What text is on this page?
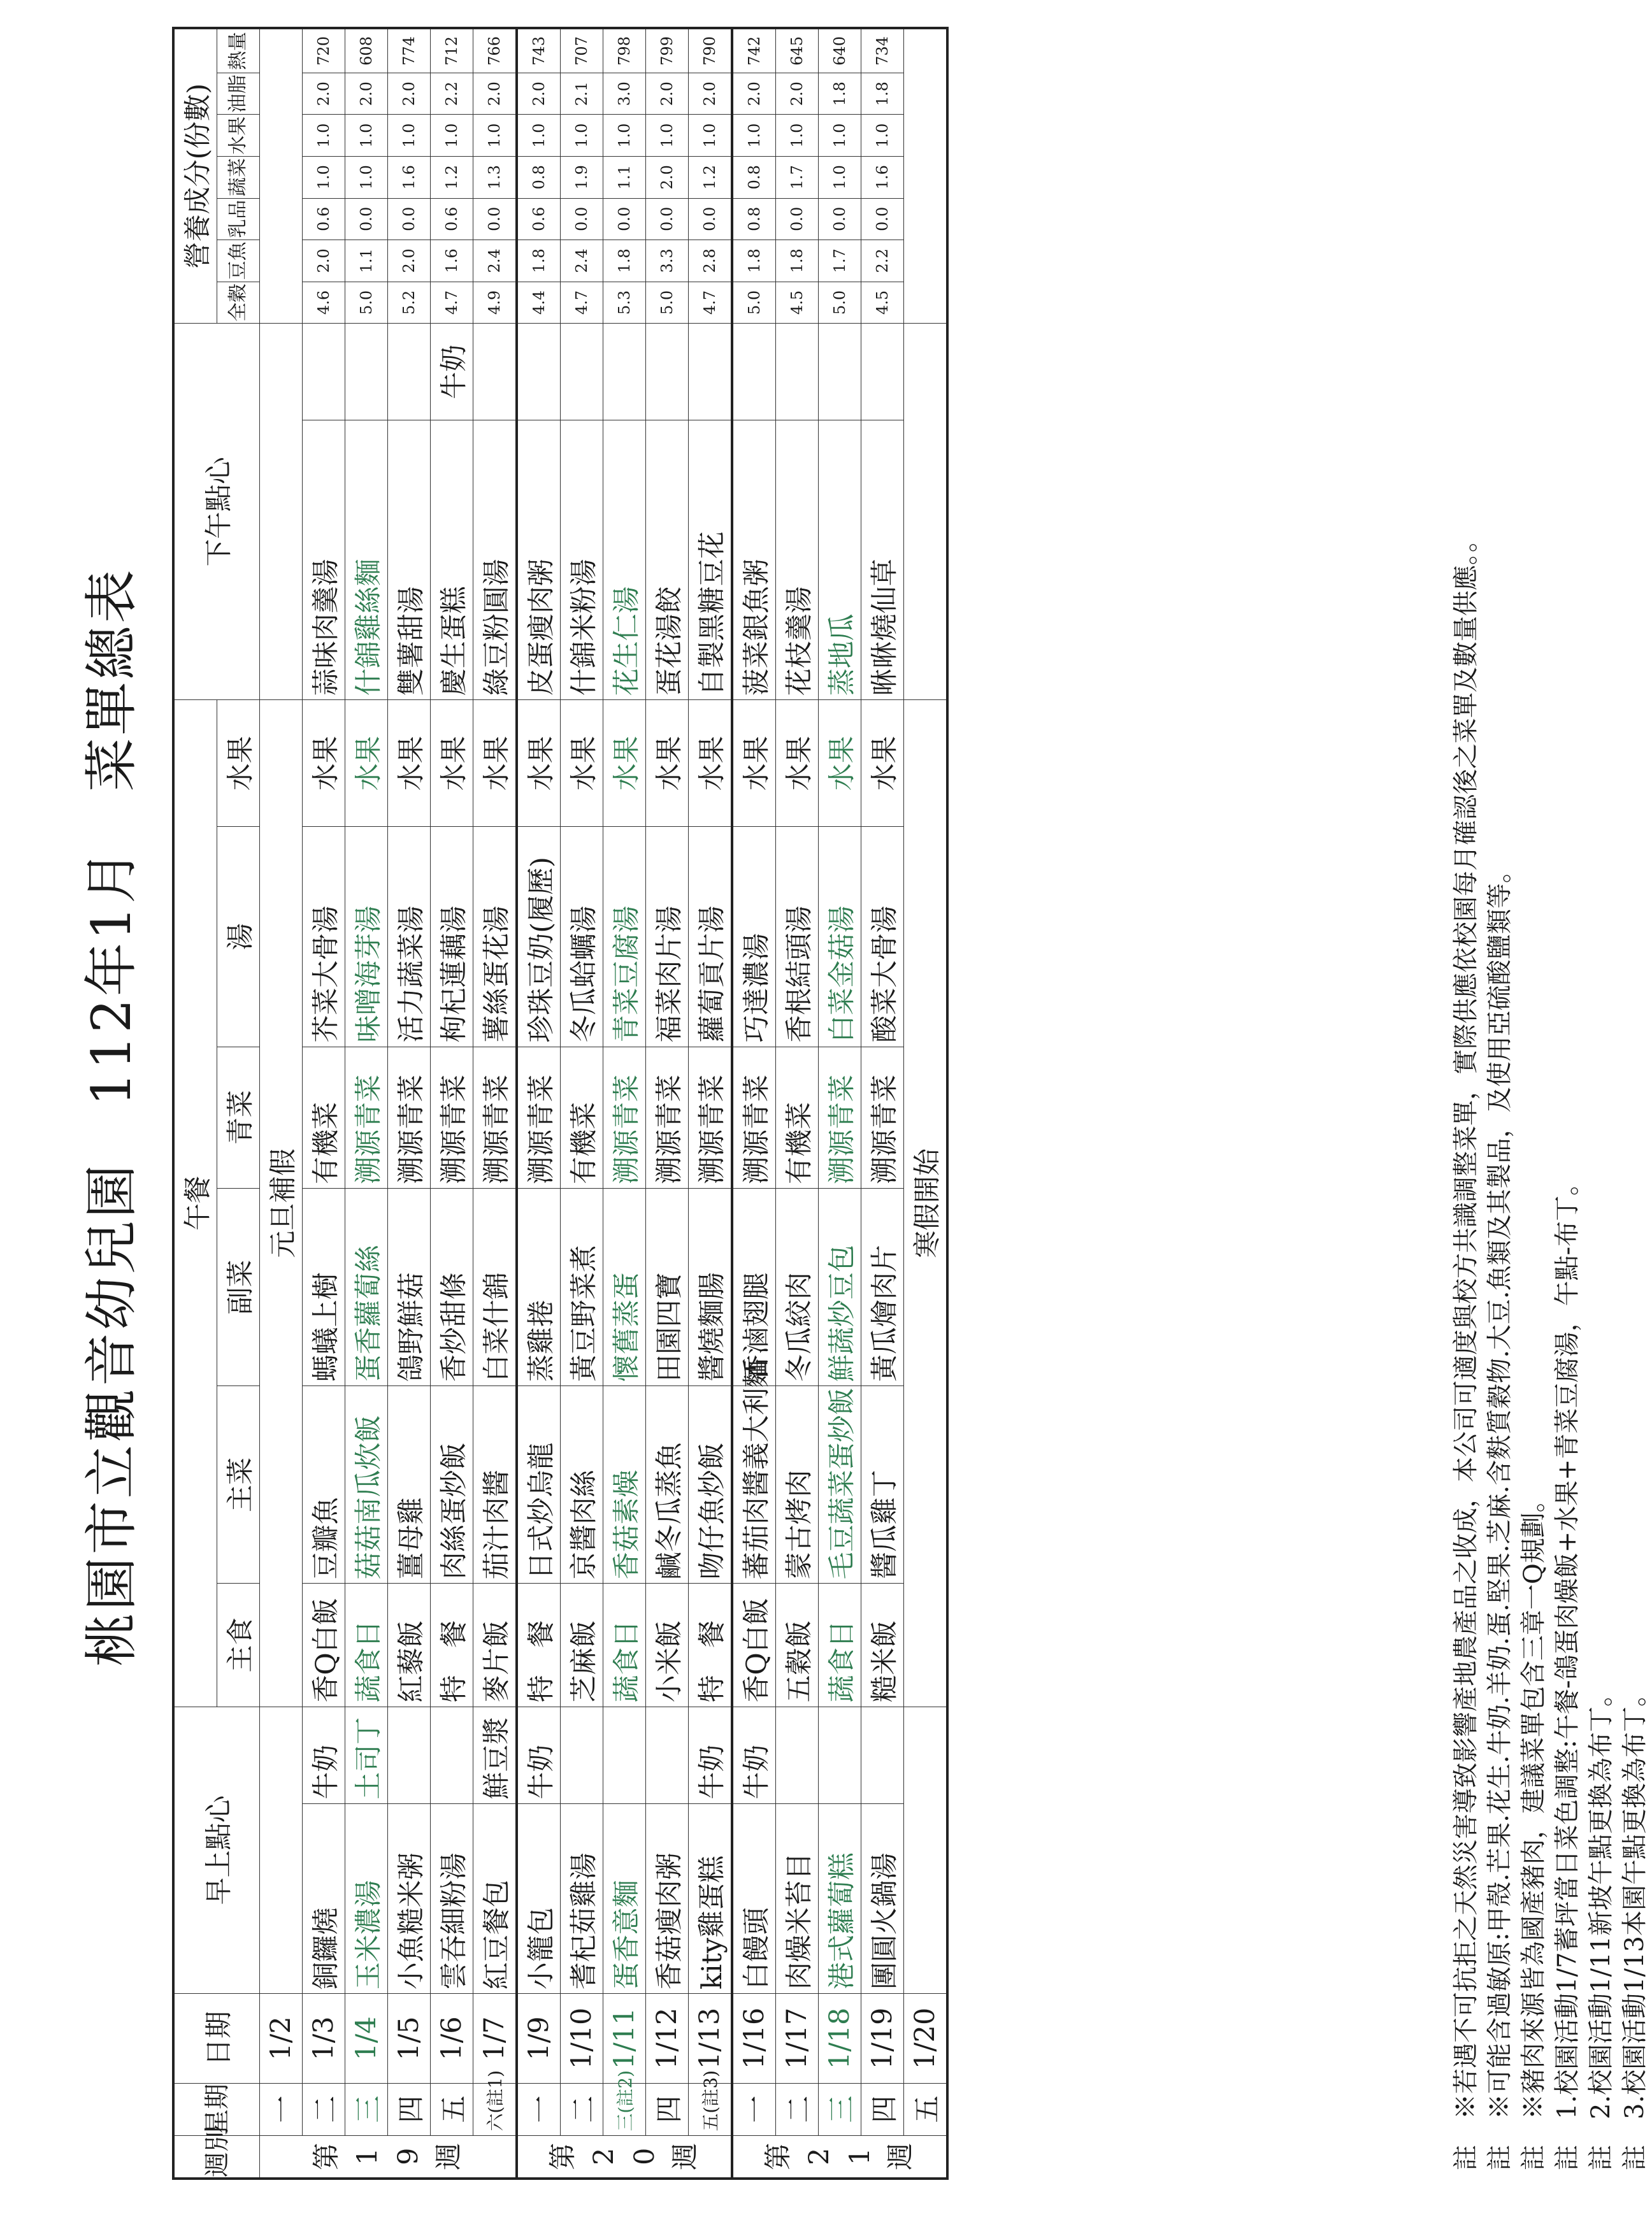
桃園市立觀音幼兒園　112年1月　菜單總表
週別	星期	日期	早上點心		午餐						下午點心		營養成分(份數)						
					主食	主菜	副菜	青菜	湯	水果			全穀	豆魚	乳品	蔬菜	水果	油脂	熱量

第19週	一	1/2			元旦補假														
	二	1/3	銅鑼燒	牛奶	香Q白飯	豆瓣魚	螞蟻上樹	有機菜	芥菜大骨湯	水果	蒜味肉羹湯		4.6	2.0	0.6	1.0	1.0	2.0	720
	三	1/4	玉米濃湯	土司丁	蔬食日	菇菇南瓜炊飯	蛋香蘿蔔絲	溯源青菜	味噌海芽湯	水果	什錦雞絲麵		5.0	1.1	0.0	1.0	1.0	2.0	608
	四	1/5	小魚糙米粥		紅藜飯	薑母雞	鴿野鮮菇	溯源青菜	活力蔬菜湯	水果	雙薯甜湯		5.2	2.0	0.0	1.6	1.0	2.0	774
	五	1/6	雲吞細粉湯		特　餐	肉絲蛋炒飯	香炒甜條	溯源青菜	枸杞蓮藕湯	水果	慶生蛋糕	牛奶	4.7	1.6	0.6	1.2	1.0	2.2	712
	六(註1)	1/7	紅豆餐包	鮮豆漿	麥片飯	茄汁肉醬	白菜什錦	溯源青菜	薯絲蛋花湯	水果	綠豆粉圓湯		4.9	2.4	0.0	1.3	1.0	2.0	766
第20週	一	1/9	小籠包	牛奶	特　餐	日式炒烏龍	蒸雞捲	溯源青菜	珍珠豆奶(履歷)	水果	皮蛋瘦肉粥		4.4	1.8	0.6	0.8	1.0	2.0	743
	二	1/10	耆杞茹雞湯		芝麻飯	京醬肉絲	黃豆野菜煮	有機菜	冬瓜蛤蠣湯	水果	什錦米粉湯		4.7	2.4	0.0	1.9	1.0	2.1	707
	三(註2)	1/11	蛋香意麵		蔬食日	香菇素燥	懷舊蒸蛋	溯源青菜	青菜豆腐湯	水果	花生仁湯		5.3	1.8	0.0	1.1	1.0	3.0	798
	四	1/12	香菇瘦肉粥		小米飯	鹹冬瓜蒸魚	田園四寶	溯源青菜	福菜肉片湯	水果	蛋花湯餃		5.0	3.3	0.0	2.0	1.0	2.0	799
	五(註3)	1/13	kity雞蛋糕	牛奶	特　餐	吻仔魚炒飯	醬燒麵腸	溯源青菜	蘿蔔貢片湯	水果	自製黑糖豆花		4.7	2.8	0.0	1.2	1.0	2.0	790
第21週	一	1/16	白饅頭	牛奶	香Q白飯	蕃茄肉醬義大利麵	香滷翅腿	溯源青菜	巧達濃湯	水果	菠菜銀魚粥		5.0	1.8	0.8	0.8	1.0	2.0	742
	二	1/17	肉燥米苔目		五穀飯	蒙古烤肉	冬瓜絞肉	有機菜	香根結頭湯	水果	花枝羹湯		4.5	1.8	0.0	1.7	1.0	2.0	645
	三	1/18	港式蘿蔔糕		蔬食日	毛豆蔬菜蛋炒飯	鮮蔬炒豆包	溯源青菜	白菜金菇湯	水果	蒸地瓜		5.0	1.7	0.0	1.0	1.0	1.8	640
	四	1/19	團圓火鍋湯		糙米飯	醬瓜雞丁	黃瓜燴肉片	溯源青菜	酸菜大骨湯	水果	咻咻燒仙草		4.5	2.2	0.0	1.6	1.0	1.8	734
	五	1/20			寒假開始															註　※若遇不可抗拒之天然災害導致影響產地農產品之收成，本公司可適度與校方共識調整菜單，實際供應依校園每月確認後之菜單及數量供應。。 註　※可能含過敏原:甲殼.芒果.花生.牛奶.羊奶.蛋.堅果.芝麻.含麩質穀物.大豆.魚類及其製品，及使用亞硫酸鹽類等。 註　※豬肉來源皆為國產豬肉，建議菜單包含三章一Q規劃。 註　1.校園活動1/7蓄坪當日菜色調整:午餐-鴿蛋肉燥飯+水果+青菜豆腐湯，午點-布丁。 註　2.校園活動1/11新坡午點更換為布丁。 註　3.校園活動1/13本園午點更換為布丁。
